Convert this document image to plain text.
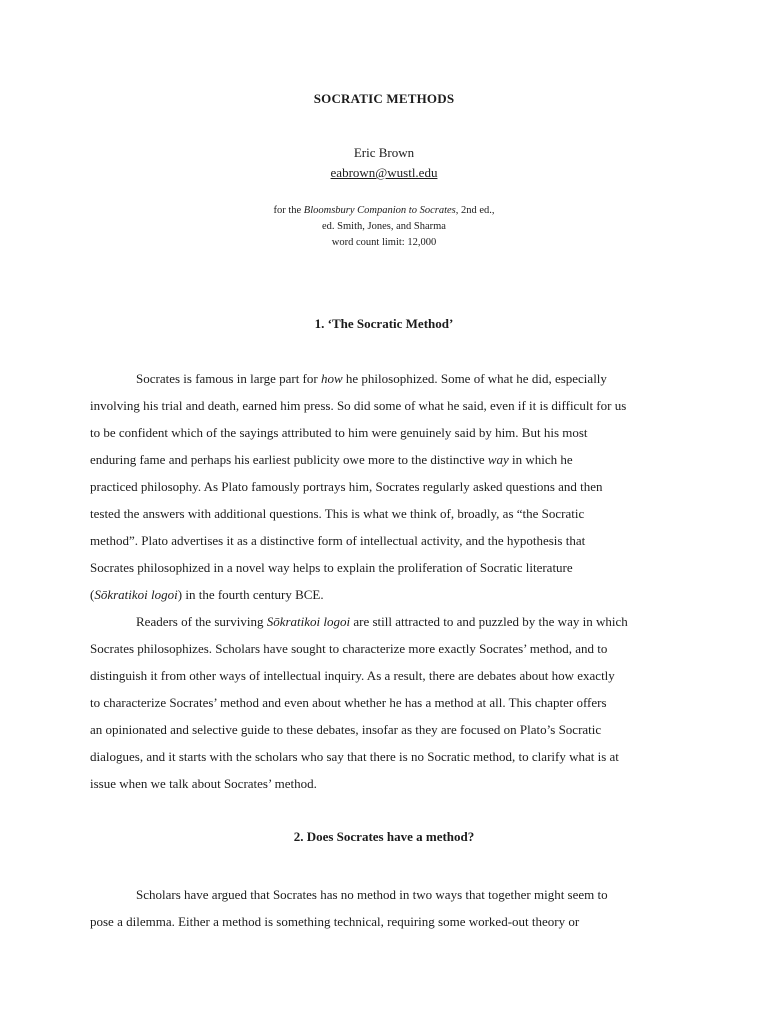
SOCRATIC METHODS
Eric Brown
eabrown@wustl.edu
for the Bloomsbury Companion to Socrates, 2nd ed.,
ed. Smith, Jones, and Sharma
word count limit: 12,000
1. ‘The Socratic Method’

Socrates is famous in large part for how he philosophized. Some of what he did, especially
involving his trial and death, earned him press. So did some of what he said, even if it is difficult for us
to be confident which of the sayings attributed to him were genuinely said by him. But his most
enduring fame and perhaps his earliest publicity owe more to the distinctive way in which he
practiced philosophy. As Plato famously portrays him, Socrates regularly asked questions and then
tested the answers with additional questions. This is what we think of, broadly, as “the Socratic
method”. Plato advertises it as a distinctive form of intellectual activity, and the hypothesis that
Socrates philosophized in a novel way helps to explain the proliferation of Socratic literature
(Sōkratikoi logoi) in the fourth century BCE.

Readers of the surviving Sōkratikoi logoi are still attracted to and puzzled by the way in which
Socrates philosophizes. Scholars have sought to characterize more exactly Socrates’ method, and to
distinguish it from other ways of intellectual inquiry. As a result, there are debates about how exactly
to characterize Socrates’ method and even about whether he has a method at all. This chapter offers
an opinionated and selective guide to these debates, insofar as they are focused on Plato’s Socratic
dialogues, and it starts with the scholars who say that there is no Socratic method, to clarify what is at
issue when we talk about Socrates’ method.

2. Does Socrates have a method?

Scholars have argued that Socrates has no method in two ways that together might seem to
pose a dilemma. Either a method is something technical, requiring some worked-out theory or
